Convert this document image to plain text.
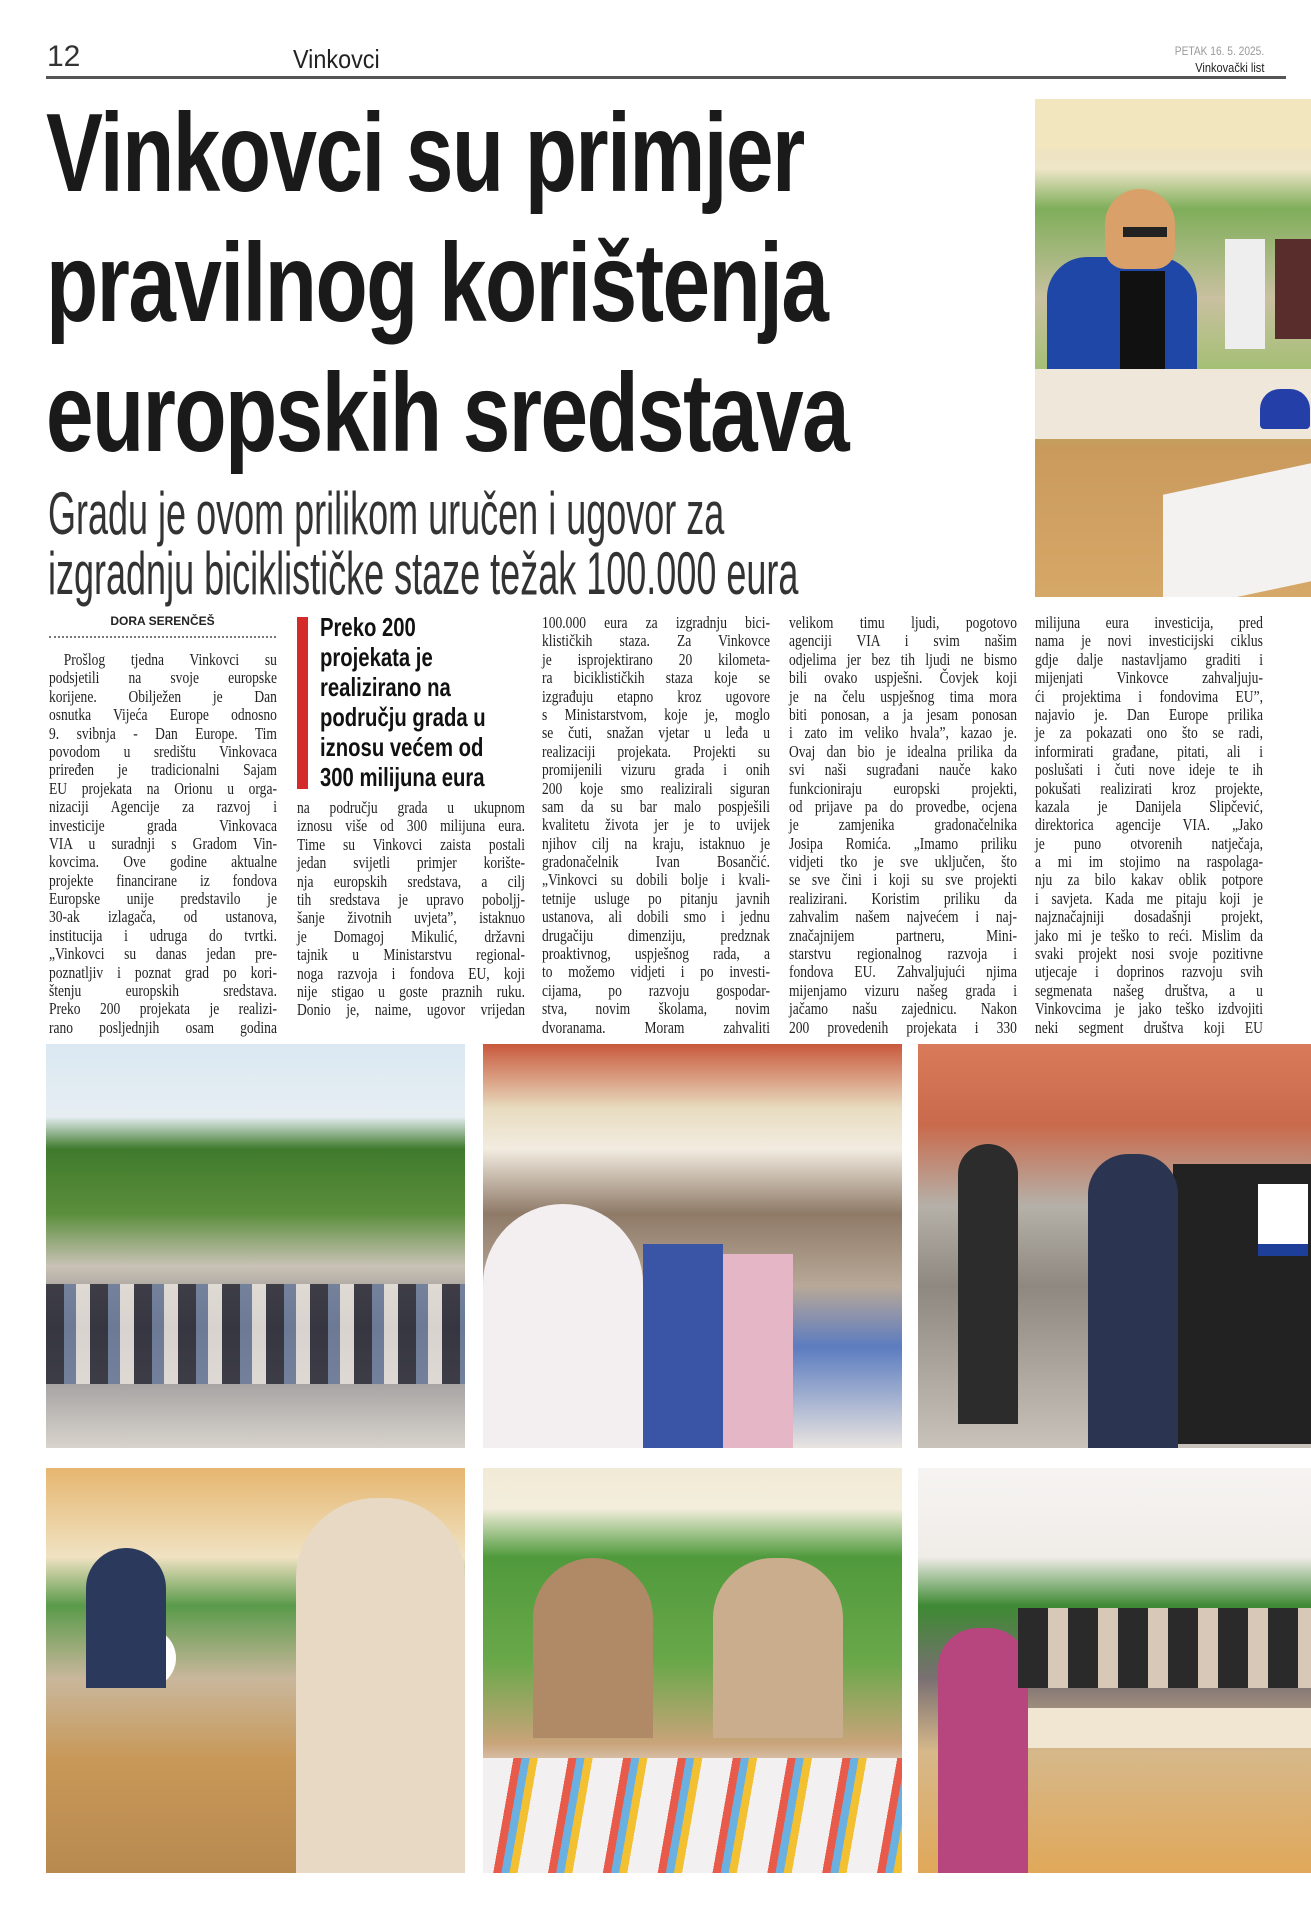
12	Vinkovci	PETAK 16. 5. 2025.
Vinkovački list
Vinkovci su primjer
pravilnog korištenja
europskih sredstava
Gradu je ovom prilikom uručen i ugovor za
izgradnju biciklističke staze težak 100.000 eura
DORA SERENČEŠ
Prošlog tjedna Vinkovci su
podsjetili na svoje europske
korijene. Obilježen je Dan
osnutka Vijeća Europe odnosno
9. svibnja - Dan Europe. Tim
povodom u središtu Vinkovaca
priređen je tradicionalni Sajam
EU projekata na Orionu u orga-
nizaciji Agencije za razvoj i
investicije grada Vinkovaca
VIA u suradnji s Gradom Vin-
kovcima. Ove godine aktualne
projekte financirane iz fondova
Europske unije predstavilo je
30-ak izlagača, od ustanova,
institucija i udruga do tvrtki.
„Vinkovci su danas jedan pre-
poznatljiv i poznat grad po kori-
štenju europskih sredstava.
Preko 200 projekata je realizi-
rano posljednjih osam godina
Preko 200
projekata je
realizirano na
području grada u
iznosu većem od
300 milijuna eura
na području grada u ukupnom
iznosu više od 300 milijuna eura.
Time su Vinkovci zaista postali
jedan svijetli primjer korište-
nja europskih sredstava, a cilj
tih sredstava je upravo poboljj-
šanje životnih uvjeta”, istaknuo
je Domagoj Mikulić, državni
tajnik u Ministarstvu regional-
noga razvoja i fondova EU, koji
nije stigao u goste praznih ruku.
Donio je, naime, ugovor vrijedan
100.000 eura za izgradnju bici-
klističkih staza. Za Vinkovce
je isprojektirano 20 kilometa-
ra biciklističkih staza koje se
izgrađuju etapno kroz ugovore
s Ministarstvom, koje je, moglo
se čuti, snažan vjetar u leđa u
realizaciji projekata. Projekti su
promijenili vizuru grada i onih
200 koje smo realizirali siguran
sam da su bar malo pospješili
kvalitetu života jer je to uvijek
njihov cilj na kraju, istaknuo je
gradonačelnik Ivan Bosančić.
„Vinkovci su dobili bolje i kvali-
tetnije usluge po pitanju javnih
ustanova, ali dobili smo i jednu
drugačiju dimenziju, predznak
proaktivnog, uspješnog rada, a
to možemo vidjeti i po investi-
cijama, po razvoju gospodar-
stva, novim školama, novim
dvoranama. Moram zahvaliti
velikom timu ljudi, pogotovo
agenciji VIA i svim našim
odjelima jer bez tih ljudi ne bismo
bili ovako uspješni. Čovjek koji
je na čelu uspješnog tima mora
biti ponosan, a ja jesam ponosan
i zato im veliko hvala”, kazao je.
Ovaj dan bio je idealna prilika da
svi naši sugrađani nauče kako
funkcioniraju europski projekti,
od prijave pa do provedbe, ocjena
je zamjenika gradonačelnika
Josipa Romića. „Imamo priliku
vidjeti tko je sve uključen, što
se sve čini i koji su sve projekti
realizirani. Koristim priliku da
zahvalim našem najvećem i naj-
značajnijem partneru, Mini-
starstvu regionalnog razvoja i
fondova EU. Zahvaljujući njima
mijenjamo vizuru našeg grada i
jačamo našu zajednicu. Nakon
200 provedenih projekata i 330
milijuna eura investicija, pred
nama je novi investicijski ciklus
gdje dalje nastavljamo graditi i
mijenjati Vinkovce zahvaljuju-
ći projektima i fondovima EU”,
najavio je. Dan Europe prilika
je za pokazati ono što se radi,
informirati građane, pitati, ali i
poslušati i čuti nove ideje te ih
pokušati realizirati kroz projekte,
kazala je Danijela Slipčević,
direktorica agencije VIA. „Jako
je puno otvorenih natječaja,
a mi im stojimo na raspolaga-
nju za bilo kakav oblik potpore
i savjeta. Kada me pitaju koji je
najznačajniji dosadašnji projekt,
jako mi je teško to reći. Mislim da
svaki projekt nosi svoje pozitivne
utjecaje i doprinos razvoju svih
segmenata našeg društva, a u
Vinkovcima je jako teško izdvojiti
neki segment društva koji EU
